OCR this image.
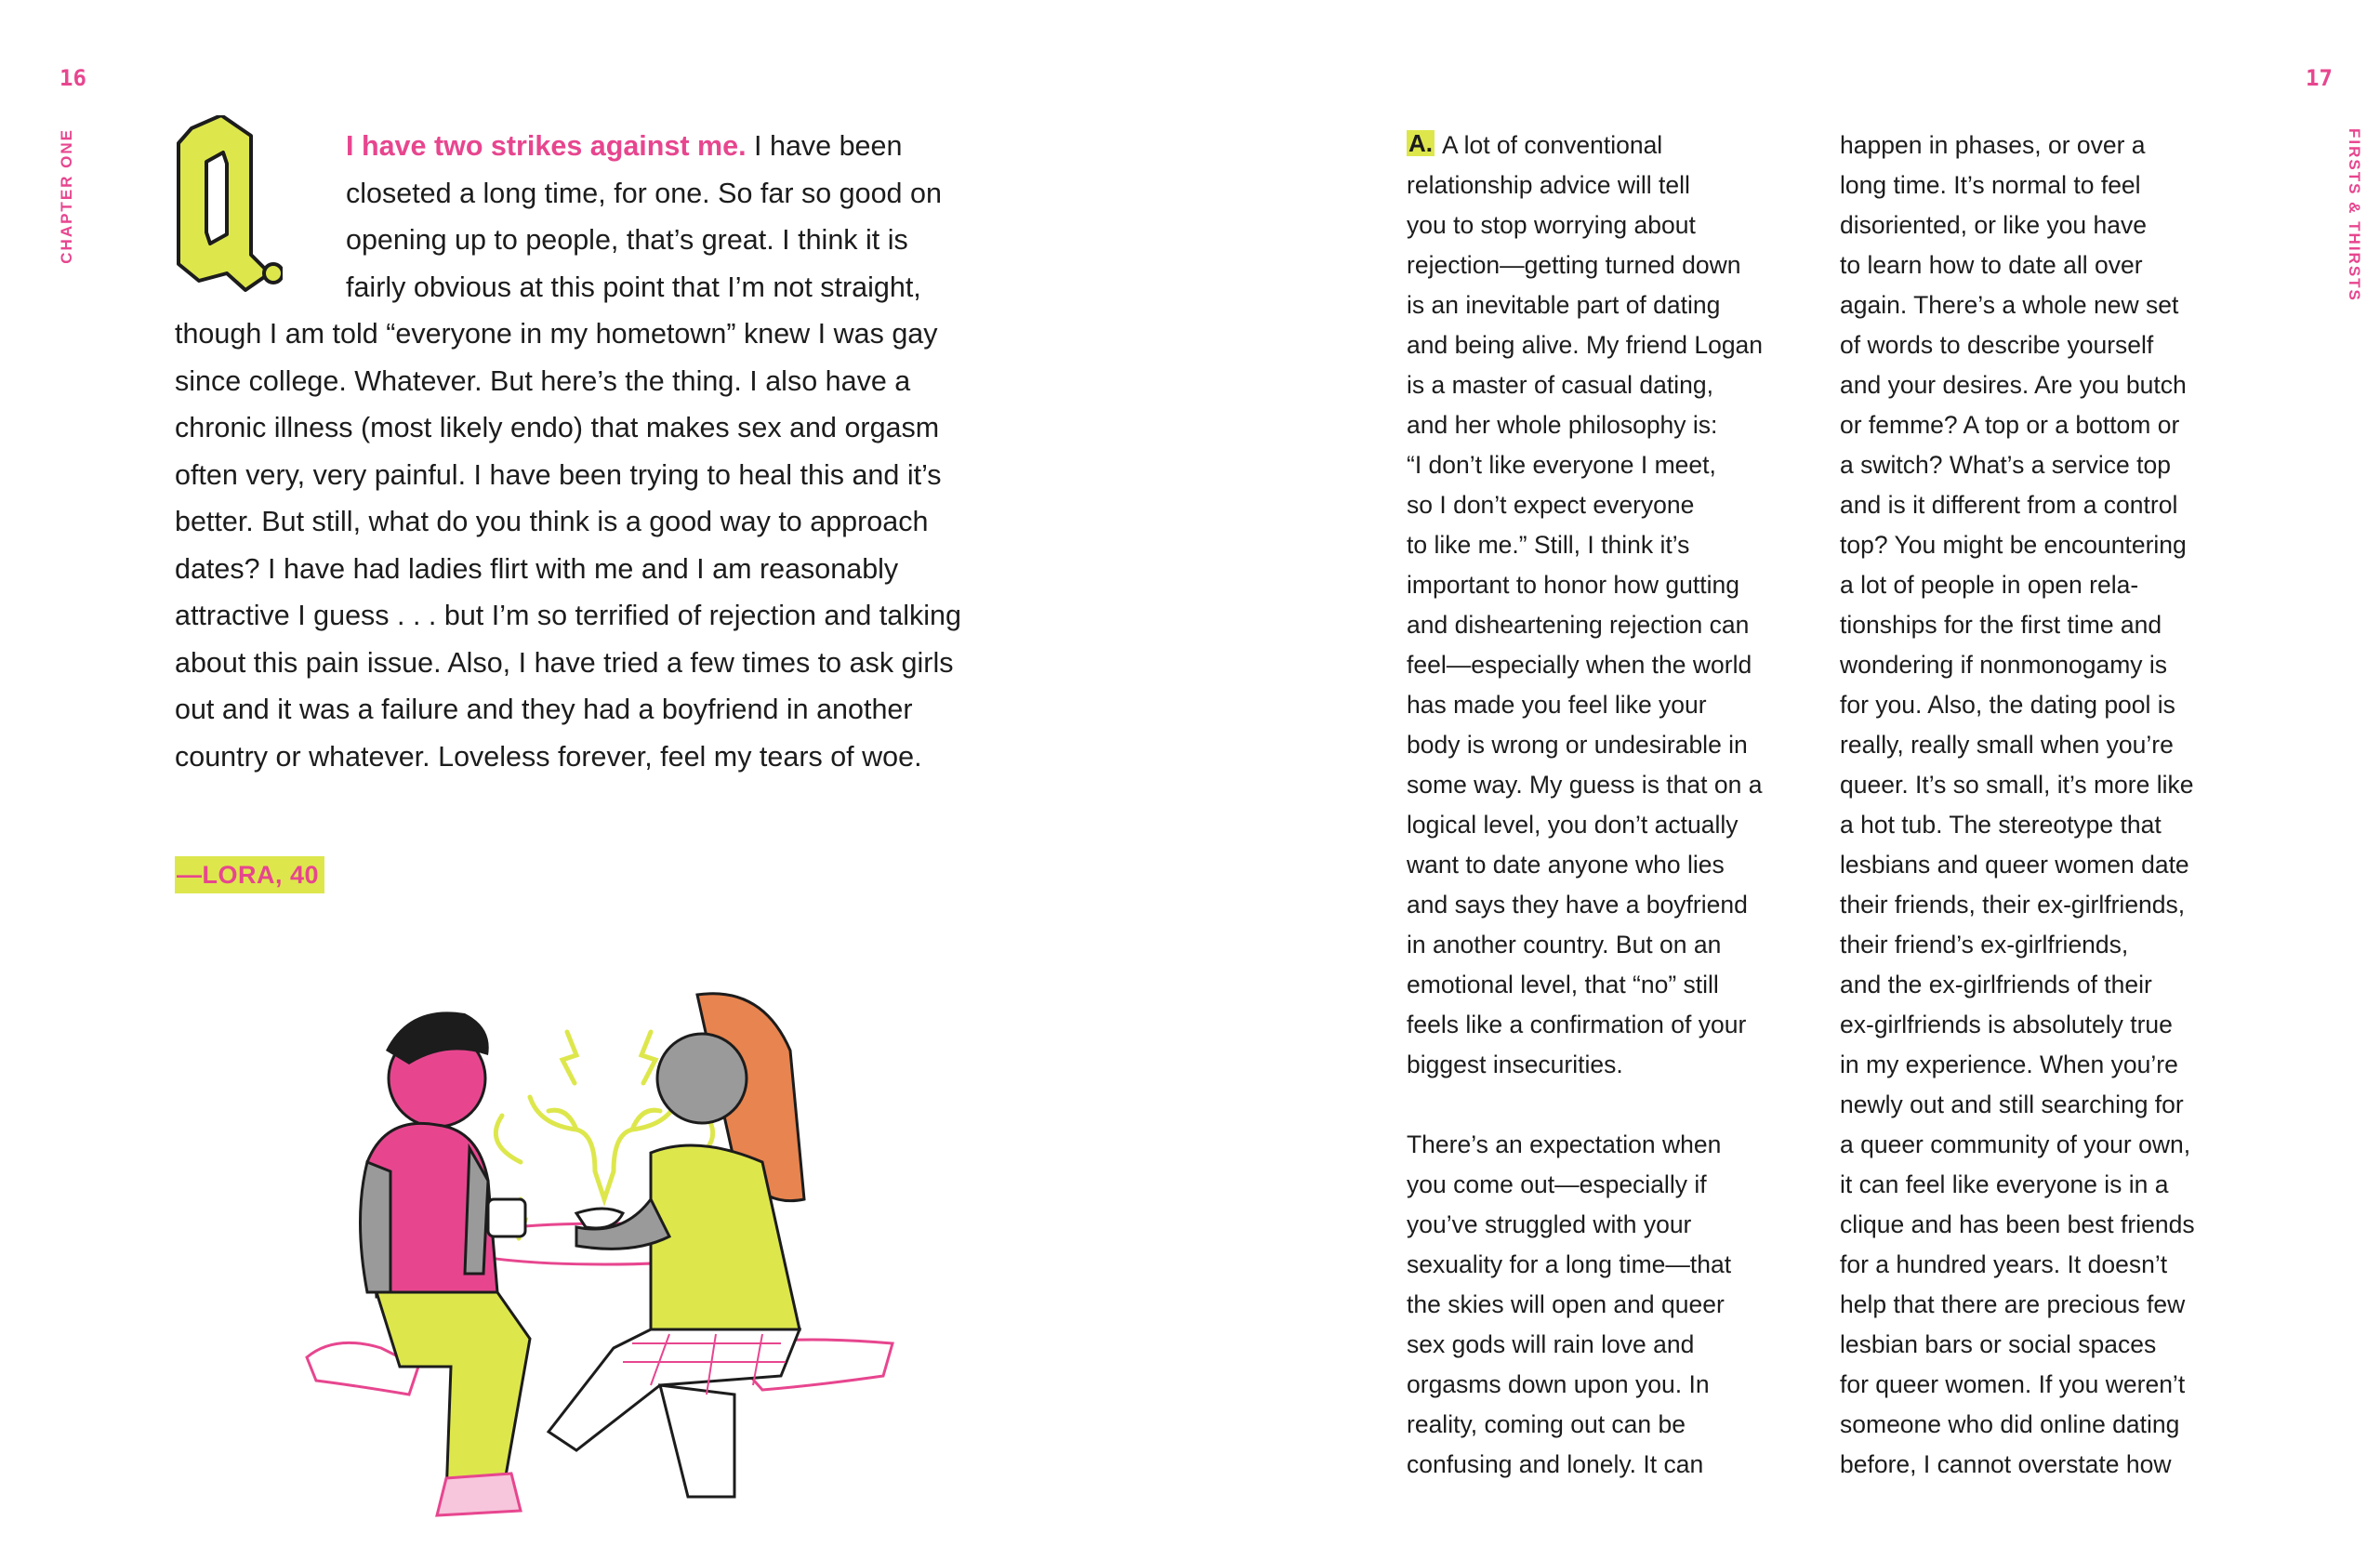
16	17
CHAPTER ONE	FIRSTS & THIRSTS
I have two strikes against me. I have been closeted a long time, for one. So far so good on opening up to people, that’s great. I think it is fairly obvious at this point that I’m not straight, though I am told “everyone in my hometown” knew I was gay since college. Whatever. But here’s the thing. I also have a chronic illness (most likely endo) that makes sex and orgasm often very, very painful. I have been trying to heal this and it’s better. But still, what do you think is a good way to approach dates? I have had ladies flirt with me and I am reasonably attractive I guess . . . but I’m so terrified of rejection and talking about this pain issue. Also, I have tried a few times to ask girls out and it was a failure and they had a boyfriend in another country or whatever. Loveless forever, feel my tears of woe.
—LORA, 40
A. A lot of conventional
relationship advice will tell
you to stop worrying about
rejection—getting turned down
is an inevitable part of dating
and being alive. My friend Logan
is a master of casual dating,
and her whole philosophy is:
“I don’t like everyone I meet,
so I don’t expect everyone
to like me.” Still, I think it’s
important to honor how gutting
and disheartening rejection can
feel—especially when the world
has made you feel like your
body is wrong or undesirable in
some way. My guess is that on a
logical level, you don’t actually
want to date anyone who lies
and says they have a boyfriend
in another country. But on an
emotional level, that “no” still
feels like a confirmation of your
biggest insecurities.
There’s an expectation when
you come out—especially if
you’ve struggled with your
sexuality for a long time—that
the skies will open and queer
sex gods will rain love and
orgasms down upon you. In
reality, coming out can be
confusing and lonely. It can
happen in phases, or over a
long time. It’s normal to feel
disoriented, or like you have
to learn how to date all over
again. There’s a whole new set
of words to describe yourself
and your desires. Are you butch
or femme? A top or a bottom or
a switch? What’s a service top
and is it different from a control
top? You might be encountering
a lot of people in open rela-
tionships for the first time and
wondering if nonmonogamy is
for you. Also, the dating pool is
really, really small when you’re
queer. It’s so small, it’s more like
a hot tub. The stereotype that
lesbians and queer women date
their friends, their ex-girlfriends,
their friend’s ex-girlfriends,
and the ex-girlfriends of their
ex-girlfriends is absolutely true
in my experience. When you’re
newly out and still searching for
a queer community of your own,
it can feel like everyone is in a
clique and has been best friends
for a hundred years. It doesn’t
help that there are precious few
lesbian bars or social spaces
for queer women. If you weren’t
someone who did online dating
before, I cannot overstate how
